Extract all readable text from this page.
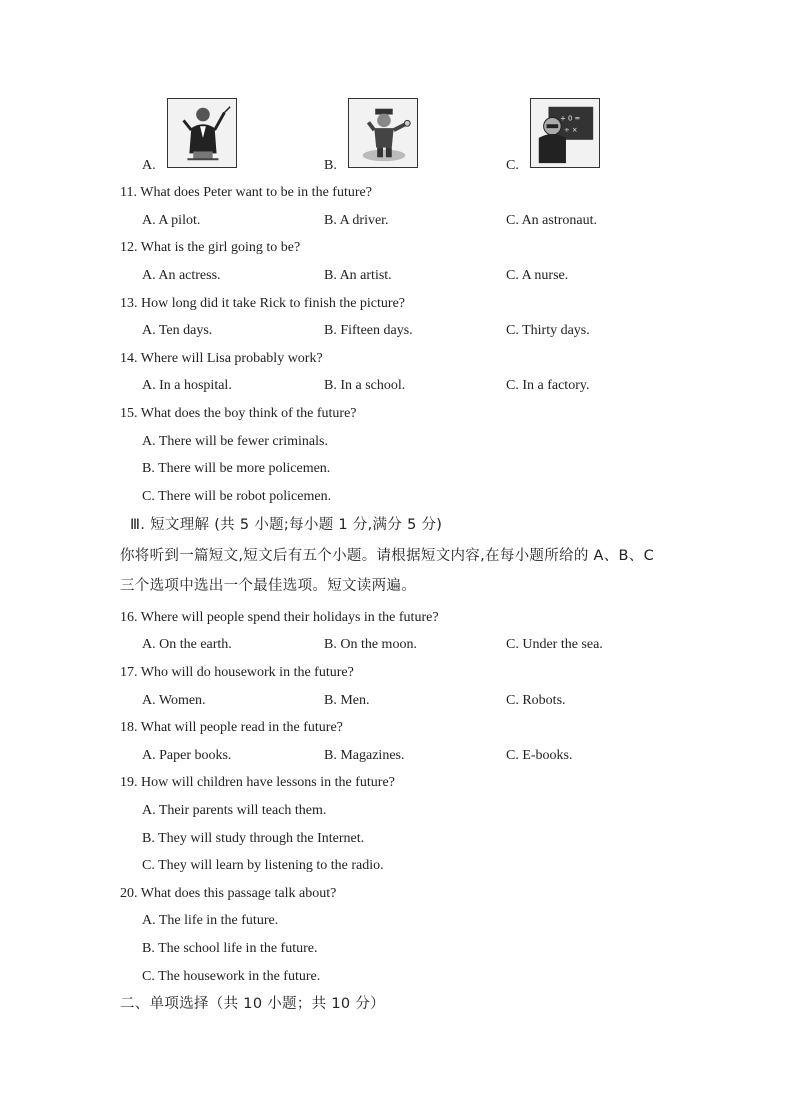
A.	B.	C.
+ 0 =
÷ ×
11. What does Peter want to be in the future?
A. A pilot.	B. A driver.	C. An astronaut.
12. What is the girl going to be?
A. An actress.	B. An artist.	C. A nurse.
13. How long did it take Rick to finish the picture?
A. Ten days.	B. Fifteen days.	C. Thirty days.
14. Where will Lisa probably work?
A. In a hospital.	B. In a school.	C. In a factory.
15. What does the boy think of the future?
A. There will be fewer criminals.
B. There will be more policemen.
C. There will be robot policemen.
Ⅲ. 短文理解 (共 5 小题;每小题 1 分,满分 5 分)
你将听到一篇短文,短文后有五个小题。请根据短文内容,在每小题所给的 A、B、C
三个选项中选出一个最佳选项。短文读两遍。
16. Where will people spend their holidays in the future?
A. On the earth.	B. On the moon.	C. Under the sea.
17. Who will do housework in the future?
A. Women.	B. Men.	C. Robots.
18. What will people read in the future?
A. Paper books.	B. Magazines.	C. E-books.
19. How will children have lessons in the future?
A. Their parents will teach them.
B. They will study through the Internet.
C. They will learn by listening to the radio.
20. What does this passage talk about?
A. The life in the future.
B. The school life in the future.
C. The housework in the future.
二、单项选择（共 10 小题；共 10 分）
